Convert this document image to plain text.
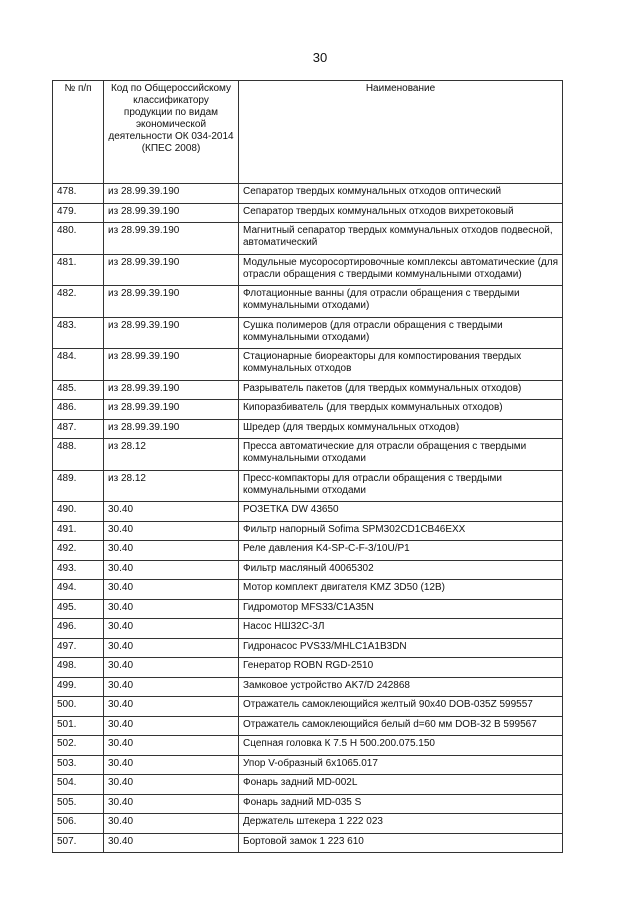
30
№ п/п	Код по Общероссийскому классификатору продукции по видам экономической деятельности ОК 034-2014 (КПЕС 2008)	Наименование
478.	из 28.99.39.190	Сепаратор твердых коммунальных отходов оптический
479.	из 28.99.39.190	Сепаратор твердых коммунальных отходов вихретоковый
480.	из 28.99.39.190	Магнитный сепаратор твердых коммунальных отходов подвесной, автоматический
481.	из 28.99.39.190	Модульные мусоросортировочные комплексы автоматические (для отрасли обращения с твердыми коммунальными отходами)
482.	из 28.99.39.190	Флотационные ванны (для отрасли обращения с твердыми коммунальными отходами)
483.	из 28.99.39.190	Сушка полимеров (для отрасли обращения с твердыми коммунальными отходами)
484.	из 28.99.39.190	Стационарные биореакторы для компостирования твердых коммунальных отходов
485.	из 28.99.39.190	Разрыватель пакетов (для твердых коммунальных отходов)
486.	из 28.99.39.190	Кипоразбиватель (для твердых коммунальных отходов)
487.	из 28.99.39.190	Шредер (для твердых коммунальных отходов)
488.	из 28.12	Пресса автоматические для отрасли обращения с твердыми коммунальными отходами
489.	из 28.12	Пресс-компакторы для отрасли обращения с твердыми коммунальными отходами
490.	30.40	РОЗЕТКА DW 43650
491.	30.40	Фильтр напорный Sofima SPM302CD1CB46EXX
492.	30.40	Реле давления K4-SP-C-F-3/10U/P1
493.	30.40	Фильтр масляный 40065302
494.	30.40	Мотор комплект двигателя KMZ 3D50 (12B)
495.	30.40	Гидромотор MFS33/C1A35N
496.	30.40	Насос НШ32С-3Л
497.	30.40	Гидронасос PVS33/MHLC1A1B3DN
498.	30.40	Генератор ROBN RGD-2510
499.	30.40	Замковое устройство AK7/D 242868
500.	30.40	Отражатель самоклеющийся желтый 90x40 DOB-035Z 599557
501.	30.40	Отражатель самоклеющийся белый d=60 мм DOB-32 B 599567
502.	30.40	Сцепная головка К 7.5 Н 500.200.075.150
503.	30.40	Упор V-образный 6x1065.017
504.	30.40	Фонарь задний MD-002L
505.	30.40	Фонарь задний MD-035 S
506.	30.40	Держатель штекера 1 222 023
507.	30.40	Бортовой замок 1 223 610
